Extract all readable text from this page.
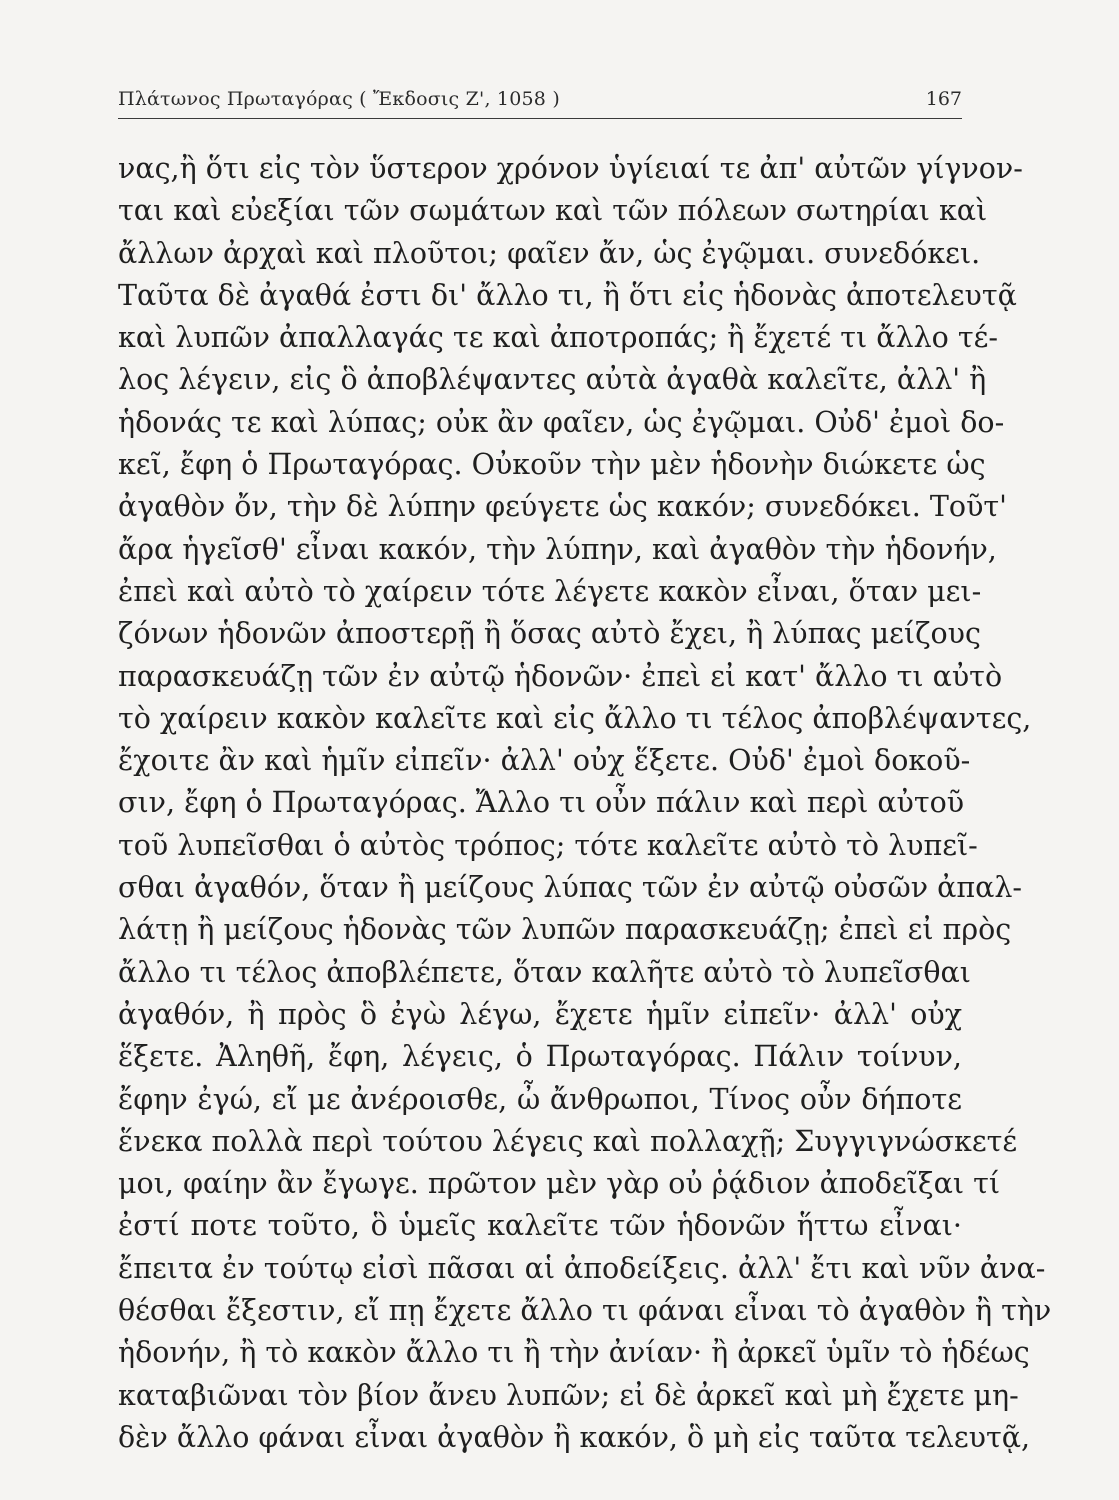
Πλάτωνος Πρωταγόρας ( Ἔκδοσις Ζ', 1058 )	167
νας,ἢ ὅτι εἰς τὸν ὕστερον χρόνον ὑγίειαί τε ἀπ' αὐτῶν γίγνον-
ται καὶ εὐεξίαι τῶν σωμάτων καὶ τῶν πόλεων σωτηρίαι καὶ
ἄλλων ἀρχαὶ καὶ πλοῦτοι; φαῖεν ἄν, ὡς ἐγῷμαι. συνεδόκει.
Ταῦτα δὲ ἀγαθά ἐστι δι' ἄλλο τι, ἢ ὅτι εἰς ἡδονὰς ἀποτελευτᾷ
καὶ λυπῶν ἀπαλλαγάς τε καὶ ἀποτροπάς; ἢ ἔχετέ τι ἄλλο τέ-
λος λέγειν, εἰς ὃ ἀποβλέψαντες αὐτὰ ἀγαθὰ καλεῖτε, ἀλλ' ἢ
ἡδονάς τε καὶ λύπας; οὐκ ἂν φαῖεν, ὡς ἐγῷμαι. Οὐδ' ἐμοὶ δο-
κεῖ, ἔφη ὁ Πρωταγόρας. Οὐκοῦν τὴν μὲν ἡδονὴν διώκετε ὡς
ἀγαθὸν ὄν, τὴν δὲ λύπην φεύγετε ὡς κακόν; συνεδόκει. Τοῦτ'
ἄρα ἡγεῖσθ' εἶναι κακόν, τὴν λύπην, καὶ ἀγαθὸν τὴν ἡδονήν,
ἐπεὶ καὶ αὐτὸ τὸ χαίρειν τότε λέγετε κακὸν εἶναι, ὅταν μει-
ζόνων ἡδονῶν ἀποστερῇ ἢ ὅσας αὐτὸ ἔχει, ἢ λύπας μείζους
παρασκευάζῃ τῶν ἐν αὐτῷ ἡδονῶν· ἐπεὶ εἰ κατ' ἄλλο τι αὐτὸ
τὸ χαίρειν κακὸν καλεῖτε καὶ εἰς ἄλλο τι τέλος ἀποβλέψαντες,
ἔχοιτε ἂν καὶ ἡμῖν εἰπεῖν· ἀλλ' οὐχ ἕξετε. Οὐδ' ἐμοὶ δοκοῦ-
σιν, ἔφη ὁ Πρωταγόρας. Ἄλλο τι οὖν πάλιν καὶ περὶ αὐτοῦ
τοῦ λυπεῖσθαι ὁ αὐτὸς τρόπος; τότε καλεῖτε αὐτὸ τὸ λυπεῖ-
σθαι ἀγαθόν, ὅταν ἢ μείζους λύπας τῶν ἐν αὐτῷ οὐσῶν ἀπαλ-
λάτῃ ἢ μείζους ἡδονὰς τῶν λυπῶν παρασκευάζῃ; ἐπεὶ εἰ πρὸς
ἄλλο τι τέλος ἀποβλέπετε, ὅταν καλῆτε αὐτὸ τὸ λυπεῖσθαι
ἀγαθόν, ἢ πρὸς ὃ ἐγὼ λέγω, ἔχετε ἡμῖν εἰπεῖν· ἀλλ' οὐχ
ἕξετε. Ἀληθῆ, ἔφη, λέγεις, ὁ Πρωταγόρας. Πάλιν τοίνυν,
ἔφην ἐγώ, εἴ με ἀνέροισθε, ὦ ἄνθρωποι, Τίνος οὖν δήποτε
ἕνεκα πολλὰ περὶ τούτου λέγεις καὶ πολλαχῇ; Συγγιγνώσκετέ
μοι, φαίην ἂν ἔγωγε. πρῶτον μὲν γὰρ οὐ ῥᾴδιον ἀποδεῖξαι τί
ἐστί ποτε τοῦτο, ὃ ὑμεῖς καλεῖτε τῶν ἡδονῶν ἥττω εἶναι·
ἔπειτα ἐν τούτῳ εἰσὶ πᾶσαι αἱ ἀποδείξεις. ἀλλ' ἔτι καὶ νῦν ἀνα-
θέσθαι ἔξεστιν, εἴ πῃ ἔχετε ἄλλο τι φάναι εἶναι τὸ ἀγαθὸν ἢ τὴν
ἡδονήν, ἢ τὸ κακὸν ἄλλο τι ἢ τὴν ἀνίαν· ἢ ἀρκεῖ ὑμῖν τὸ ἡδέως
καταβιῶναι τὸν βίον ἄνευ λυπῶν; εἰ δὲ ἀρκεῖ καὶ μὴ ἔχετε μη-
δὲν ἄλλο φάναι εἶναι ἀγαθὸν ἢ κακόν, ὃ μὴ εἰς ταῦτα τελευτᾷ,
